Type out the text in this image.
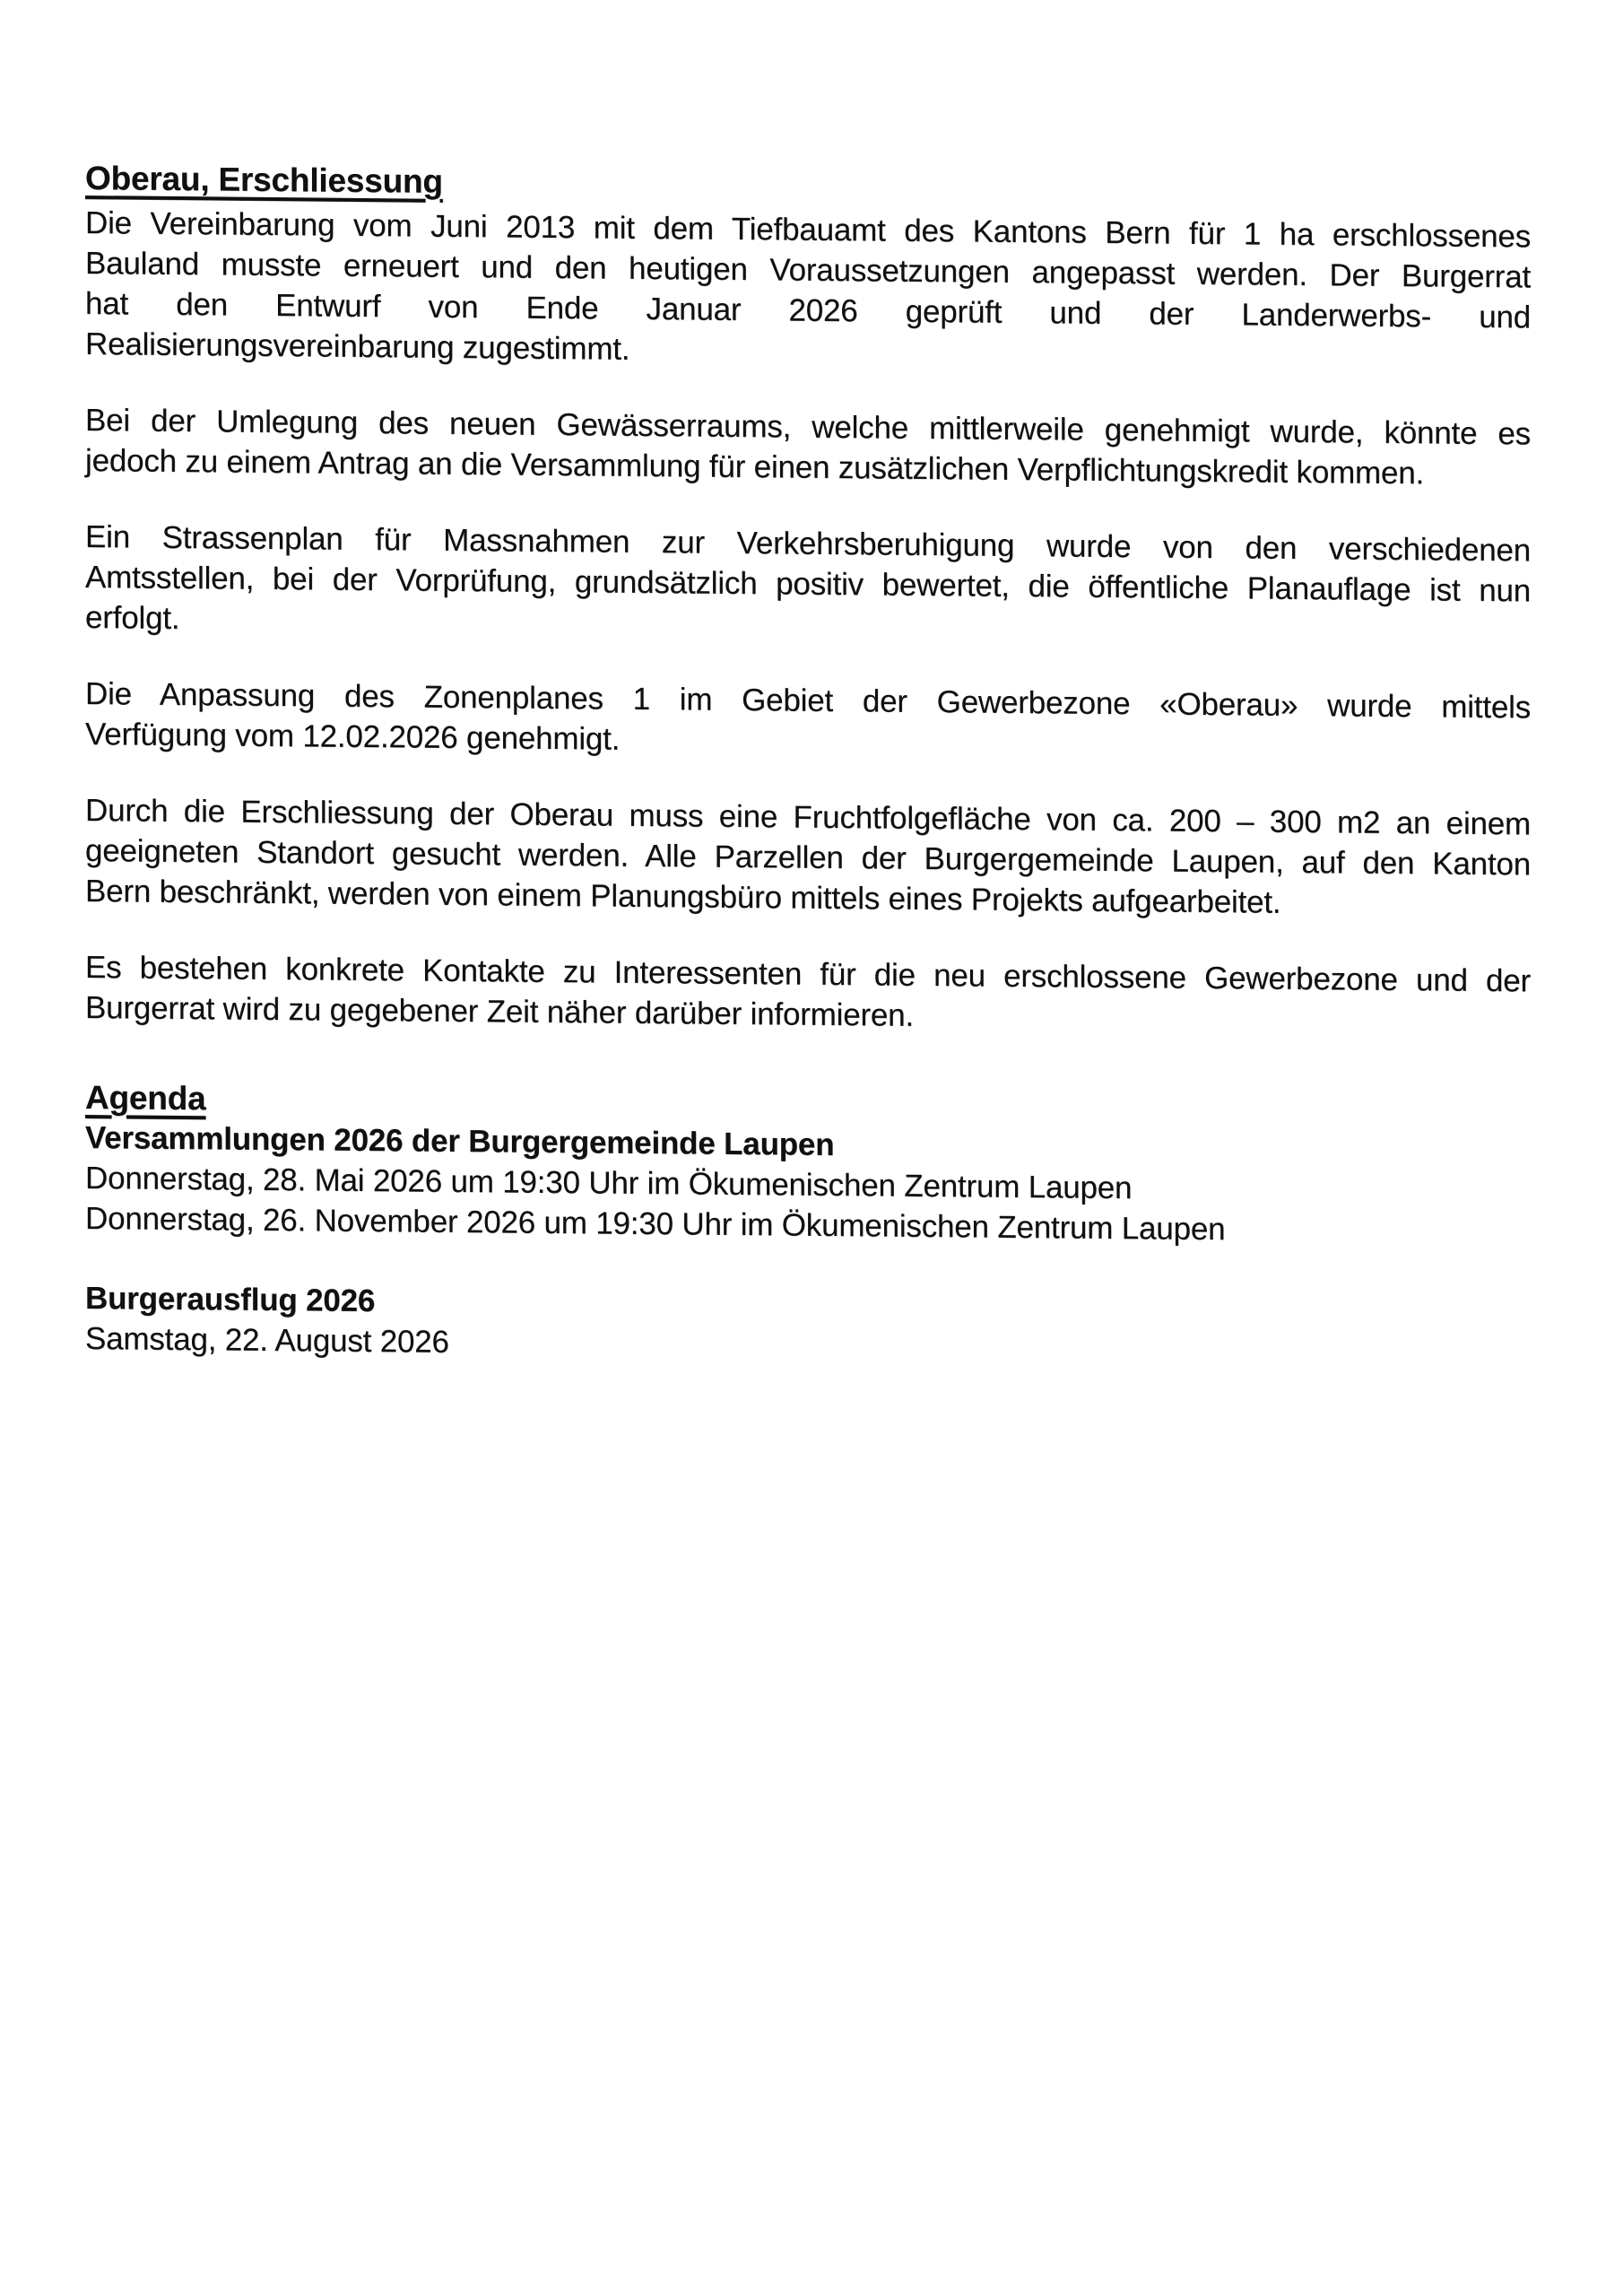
Oberau, Erschliessung
Die Vereinbarung vom Juni 2013 mit dem Tiefbauamt des Kantons Bern für 1 ha erschlossenes
Bauland musste erneuert und den heutigen Voraussetzungen angepasst werden. Der Burgerrat
hat den Entwurf von Ende Januar 2026 geprüft und der Landerwerbs- und
Realisierungsvereinbarung zugestimmt.
Bei der Umlegung des neuen Gewässerraums, welche mittlerweile genehmigt wurde, könnte es
jedoch zu einem Antrag an die Versammlung für einen zusätzlichen Verpflichtungskredit kommen.
Ein Strassenplan für Massnahmen zur Verkehrsberuhigung wurde von den verschiedenen
Amtsstellen, bei der Vorprüfung, grundsätzlich positiv bewertet, die öffentliche Planauflage ist nun
erfolgt.
Die Anpassung des Zonenplanes 1 im Gebiet der Gewerbezone «Oberau» wurde mittels
Verfügung vom 12.02.2026 genehmigt.
Durch die Erschliessung der Oberau muss eine Fruchtfolgefläche von ca. 200 – 300 m2 an einem
geeigneten Standort gesucht werden. Alle Parzellen der Burgergemeinde Laupen, auf den Kanton
Bern beschränkt, werden von einem Planungsbüro mittels eines Projekts aufgearbeitet.
Es bestehen konkrete Kontakte zu Interessenten für die neu erschlossene Gewerbezone und der
Burgerrat wird zu gegebener Zeit näher darüber informieren.
Agenda
Versammlungen 2026 der Burgergemeinde Laupen
Donnerstag, 28. Mai 2026 um 19:30 Uhr im Ökumenischen Zentrum Laupen
Donnerstag, 26. November 2026 um 19:30 Uhr im Ökumenischen Zentrum Laupen
Burgerausflug 2026
Samstag, 22. August 2026
